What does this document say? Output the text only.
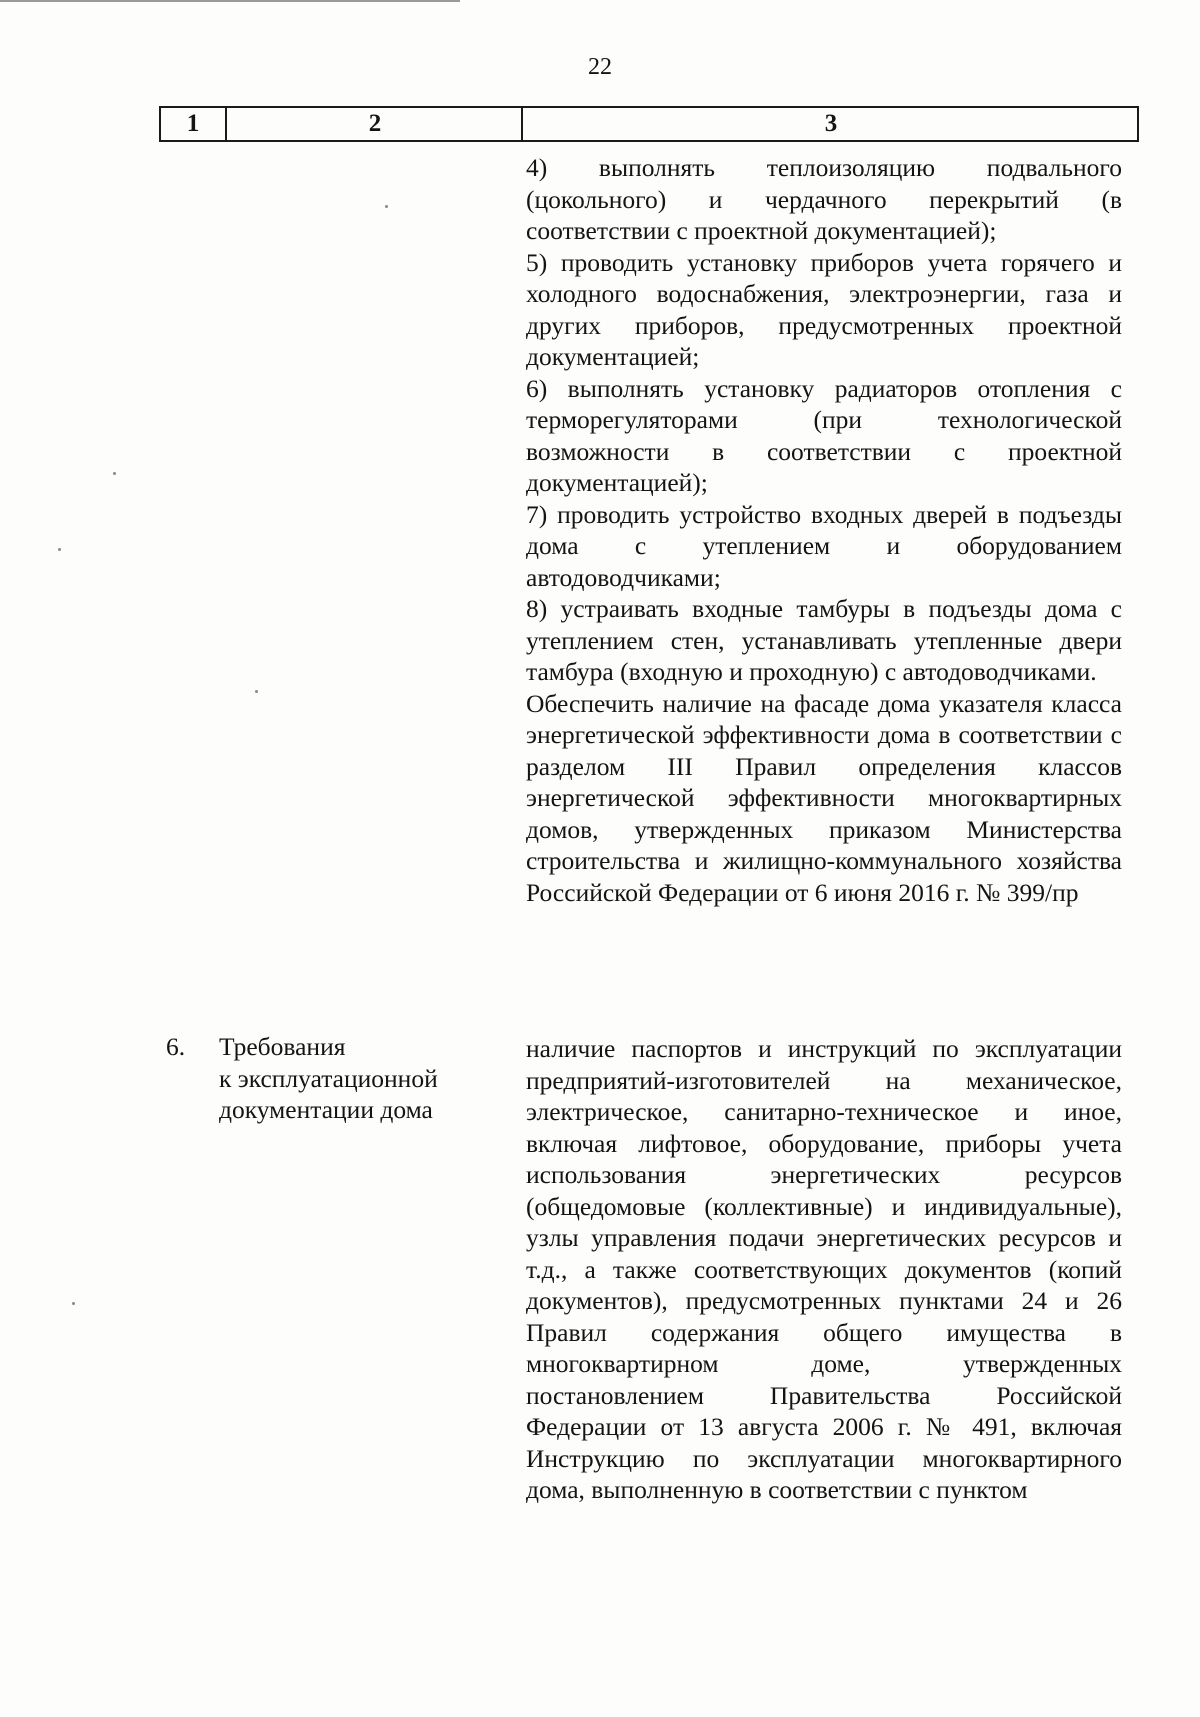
22
1	2	3

4) выполнять теплоизоляцию подвального (цокольного) и чердачного перекрытий (в соответствии с проектной документацией);

5) проводить установку приборов учета горячего и холодного водоснабжения, электроэнергии, газа и других приборов, предусмотренных проектной документацией;

6) выполнять установку радиаторов отопления с терморегуляторами (при технологической возможности в соответствии с проектной документацией);

7) проводить устройство входных дверей в подъезды дома с утеплением и оборудованием автодоводчиками;

8) устраивать входные тамбуры в подъезды дома с утеплением стен, устанавливать утепленные двери тамбура (входную и проходную) с автодоводчиками.

Обеспечить наличие на фасаде дома указателя класса энергетической эффективности дома в соответствии с разделом III Правил определения классов энергетической эффективности многоквартирных домов, утвержденных приказом Министерства строительства и жилищно-коммунального хозяйства Российской Федерации от 6 июня 2016 г. № 399/пр

6. Требования
к эксплуатационной
документации дома

наличие паспортов и инструкций по эксплуатации предприятий-изготовителей на механическое, электрическое, санитарно-техническое и иное, включая лифтовое, оборудование, приборы учета использования энергетических ресурсов (общедомовые (коллективные) и индивидуальные), узлы управления подачи энергетических ресурсов и т.д., а также соответствующих документов (копий документов), предусмотренных пунктами 24 и 26 Правил содержания общего имущества в многоквартирном доме, утвержденных постановлением Правительства Российской Федерации от 13 августа 2006 г. № 491, включая Инструкцию по эксплуатации многоквартирного дома, выполненную в соответствии с пунктом
